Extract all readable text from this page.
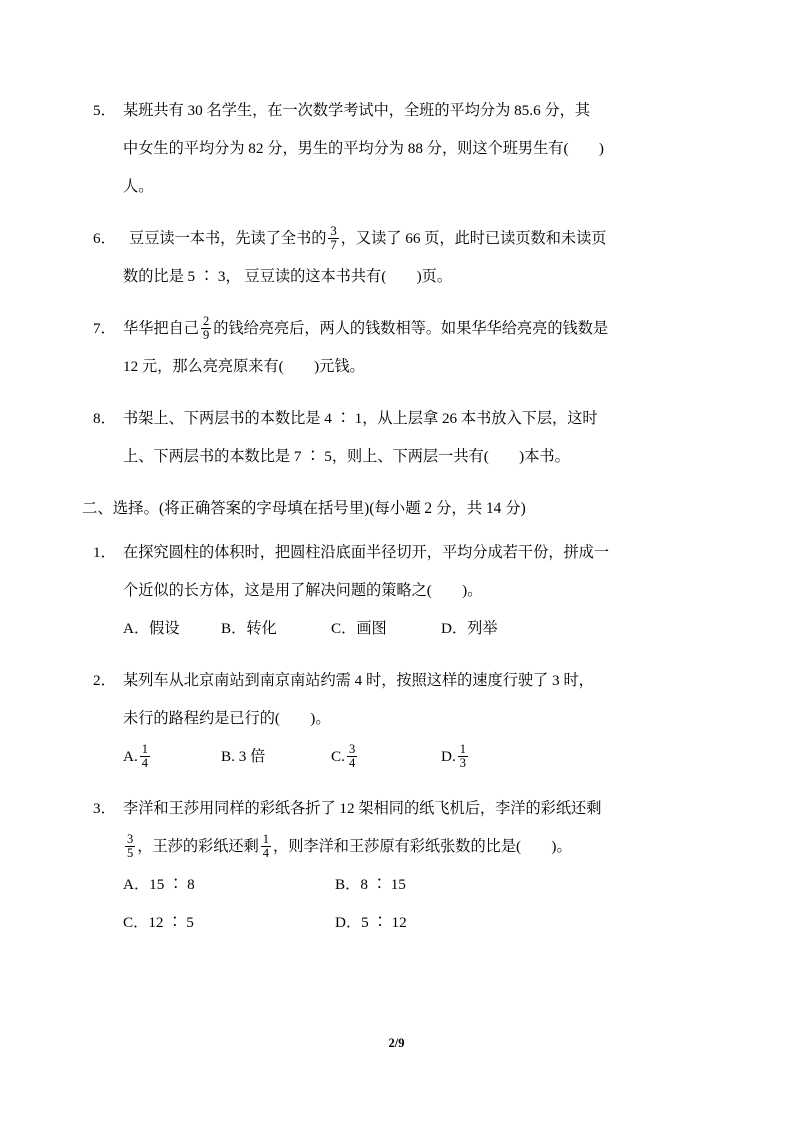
5． 某班共有 30 名学生，在一次数学考试中，全班的平均分为 85.6 分，其
中女生的平均分为 82 分，男生的平均分为 88 分，则这个班男生有(　　)
人。
6． 豆豆读一本书，先读了全书的 $\frac{3}{7}$ ，又读了 66 页，此时已读页数和未读页
数的比是 5 ∶ 3， 豆豆读的这本书共有(　　)页。
7． 华华把自己 $\frac{2}{9}$ 的钱给亮亮后，两人的钱数相等。如果华华给亮亮的钱数是
12 元，那么亮亮原来有(　　)元钱。
8． 书架上、下两层书的本数比是 4 ∶ 1，从上层拿 26 本书放入下层，这时
上、下两层书的本数比是 7 ∶ 5，则上、下两层一共有(　　)本书。
二、选择。(将正确答案的字母填在括号里)(每小题 2 分，共 14 分)
1． 在探究圆柱的体积时，把圆柱沿底面半径切开，平均分成若干份，拼成一
个近似的长方体，这是用了解决问题的策略之(　　)。
A．假设	B．转化	C．画图	D．列举
2． 某列车从北京南站到南京南站约需 4 时，按照这样的速度行驶了 3 时，
未行的路程约是已行的(　　)。
A. $\frac{1}{4}$	B. 3 倍	C. $\frac{3}{4}$	D. $\frac{1}{3}$
3． 李洋和王莎用同样的彩纸各折了 12 架相同的纸飞机后，李洋的彩纸还剩
$\frac{3}{5}$ ，王莎的彩纸还剩 $\frac{1}{4}$ ，则李洋和王莎原有彩纸张数的比是(　　)。
A．15 ∶ 8	B．8 ∶ 15
C．12 ∶ 5	D．5 ∶ 12
2/9
